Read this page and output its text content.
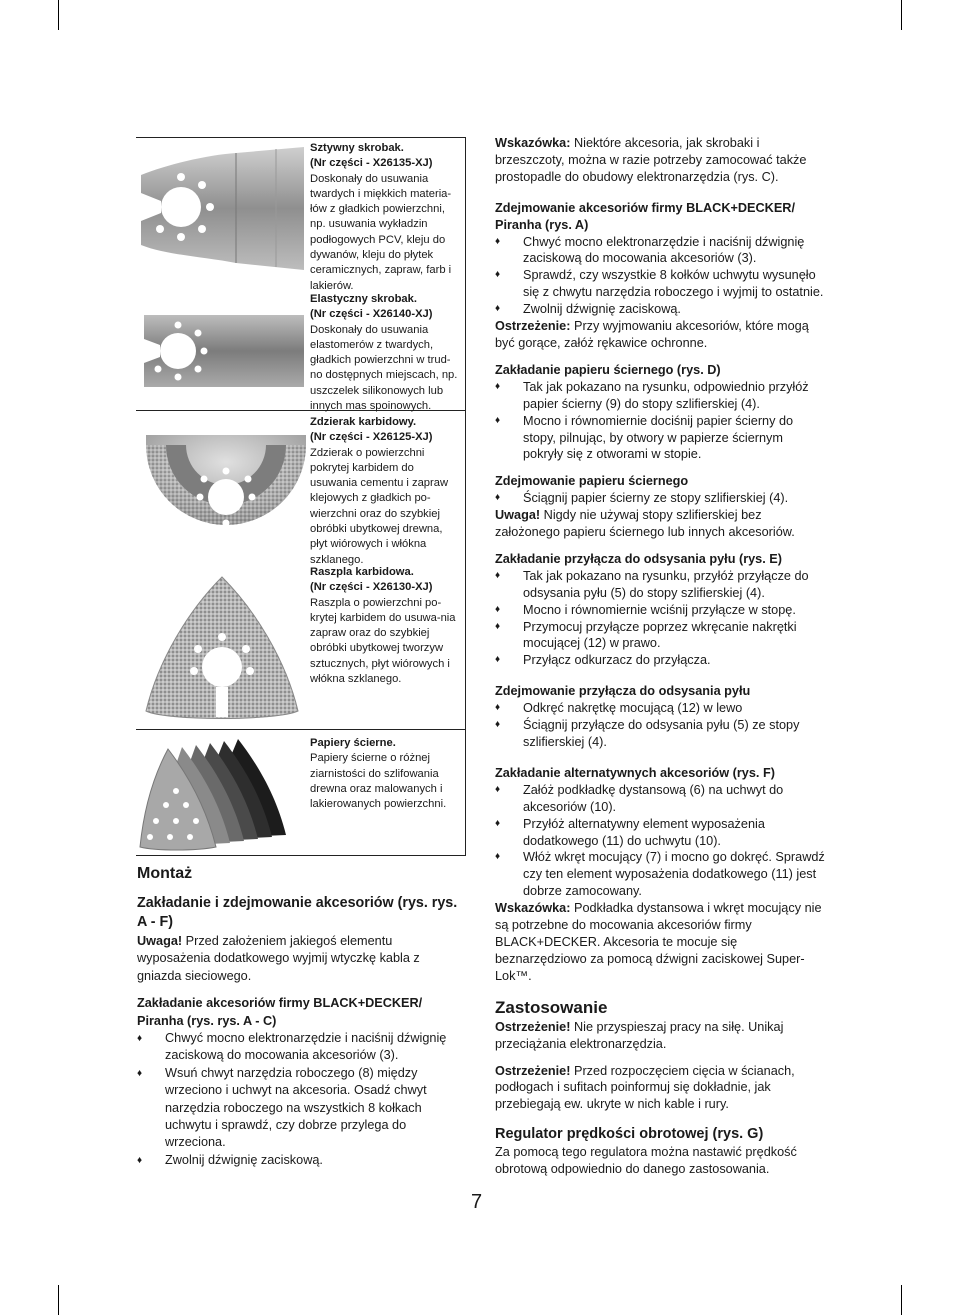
Sztywny skrobak.
(Nr części - X26135-XJ)
Doskonały do usuwania twardych i miękkich materia-łów z gładkich powierzchni, np. usuwania wykładzin podłogowych PCV, kleju do dywanów, kleju do płytek ceramicznych, zapraw, farb i lakierów.
Elastyczny skrobak.
(Nr części - X26140-XJ)
Doskonały do usuwania elastomerów z twardych, gładkich powierzchni w trud-no dostępnych miejscach, np. uszczelek silikonowych lub innych mas spoinowych.
Zdzierak karbidowy.
(Nr części - X26125-XJ)
Zdzierak o powierzchni pokrytej karbidem do usuwania cementu i zapraw klejowych z gładkich po-wierzchni oraz do szybkiej obróbki ubytkowej drewna, płyt wiórowych i włókna szklanego.
Raszpla karbidowa.
(Nr części - X26130-XJ)
Raszpla o powierzchni po-krytej karbidem do usuwa-nia zapraw oraz do szybkiej obróbki ubytkowej tworzyw sztucznych, płyt wiórowych i włókna szklanego.
Papiery ścierne.
Papiery ścierne o różnej ziarnistości do szlifowania drewna oraz malowanych i lakierowanych powierzchni.
Montaż
Zakładanie i zdejmowanie akcesoriów (rys. rys. A - F)

Uwaga! Przed założeniem jakiegoś elementu wyposażenia dodatkowego wyjmij wtyczkę kabla z gniazda sieciowego.

Zakładanie akcesoriów firmy BLACK+DECKER/ Piranha (rys. rys. A - C)
♦ Chwyć mocno elektronarzędzie i naciśnij dźwignię zaciskową do mocowania akcesoriów (3).
♦ Wsuń chwyt narzędzia roboczego (8) między wrzeciono i uchwyt na akcesoria. Osadź chwyt narzędzia roboczego na wszystkich 8 kołkach uchwytu i sprawdź, czy dobrze przylega do wrzeciona.
♦ Zwolnij dźwignię zaciskową.

Wskazówka: Niektóre akcesoria, jak skrobaki i brzeszczoty, można w razie potrzeby zamocować także prostopadle do obudowy elektronarzędzia (rys. C).

Zdejmowanie akcesoriów firmy BLACK+DECKER/ Piranha (rys. A)
♦ Chwyć mocno elektronarzędzie i naciśnij dźwignię zaciskową do mocowania akcesoriów (3).
♦ Sprawdź, czy wszystkie 8 kołków uchwytu wysunęło się z chwytu narzędzia roboczego i wyjmij to ostatnie.
♦ Zwolnij dźwignię zaciskową.

Ostrzeżenie: Przy wyjmowaniu akcesoriów, które mogą być gorące, załóż rękawice ochronne.

Zakładanie papieru ściernego (rys. D)
♦ Tak jak pokazano na rysunku, odpowiednio przyłóż papier ścierny (9) do stopy szlifierskiej (4).
♦ Mocno i równomiernie dociśnij papier ścierny do stopy, pilnując, by otwory w papierze ściernym pokryły się z otworami w stopie.
Zdejmowanie papieru ściernego
♦ Ściągnij papier ścierny ze stopy szlifierskiej (4).

Uwaga! Nigdy nie używaj stopy szlifierskiej bez założonego papieru ściernego lub innych akcesoriów.

Zakładanie przyłącza do odsysania pyłu (rys. E)
♦ Tak jak pokazano na rysunku, przyłóż przyłącze do odsysania pyłu (5) do stopy szlifierskiej (4).
♦ Mocno i równomiernie wciśnij przyłącze w stopę.
♦ Przymocuj przyłącze poprzez wkręcanie nakrętki mocującej (12) w prawo.
♦ Przyłącz odkurzacz do przyłącza.
Zdejmowanie przyłącza do odsysania pyłu
♦ Odkręć nakrętkę mocującą (12) w lewo
♦ Ściągnij przyłącze do odsysania pyłu (5) ze stopy szlifierskiej (4).
Zakładanie alternatywnych akcesoriów (rys. F)
♦ Załóż podkładkę dystansową (6) na uchwyt do akcesoriów (10).
♦ Przyłóż alternatywny element wyposażenia dodatkowego (11) do uchwytu (10).
♦ Włóż wkręt mocujący (7) i mocno go dokręć. Sprawdź czy ten element wyposażenia dodatkowego (11) jest dobrze zamocowany.

Wskazówka: Podkładka dystansowa i wkręt mocujący nie są potrzebne do mocowania akcesoriów firmy BLACK+DECKER. Akcesoria te mocuje się beznarzędziowo za pomocą dźwigni zaciskowej Super-Lok™.

Zastosowanie

Ostrzeżenie! Nie przyspieszaj pracy na siłę. Unikaj przeciążania elektronarzędzia.

Ostrzeżenie! Przed rozpoczęciem cięcia w ścianach, podłogach i sufitach poinformuj się dokładnie, jak przebiegają ew. ukryte w nich kable i rury.

Regulator prędkości obrotowej (rys. G)

Za pomocą tego regulatora można nastawić prędkość obrotową odpowiednio do danego zastosowania.

7
